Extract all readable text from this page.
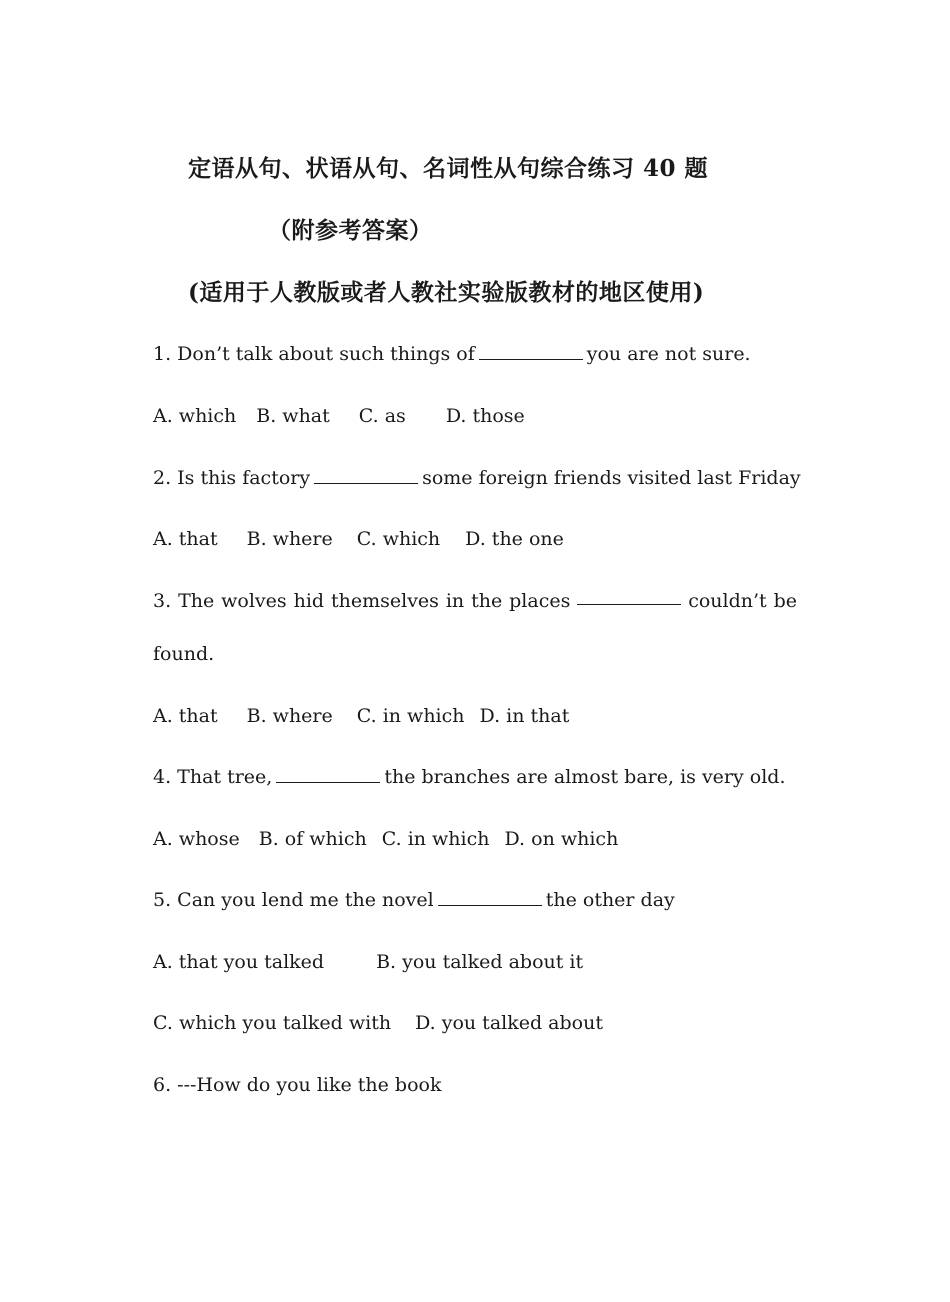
定语从句、状语从句、名词性从句综合练习 40 题
（附参考答案）
(适用于人教版或者人教社实验版教材的地区使用)
1. Don’t talk about such things of	you are not sure.
A. which B. what C. as D. those
2. Is this factory	some foreign friends visited last Friday
A. that B. where C. which D. the one
3. The wolves hid themselves in the places	couldn’t be
found.
A. that B. where C. in which D. in that
4. That tree,	the branches are almost bare, is very old.
A. whose B. of which C. in which D. on which
5. Can you lend me the novel	the other day
A. that you talked	B. you talked about it
C. which you talked with D. you talked about
6. ---How do you like the book
